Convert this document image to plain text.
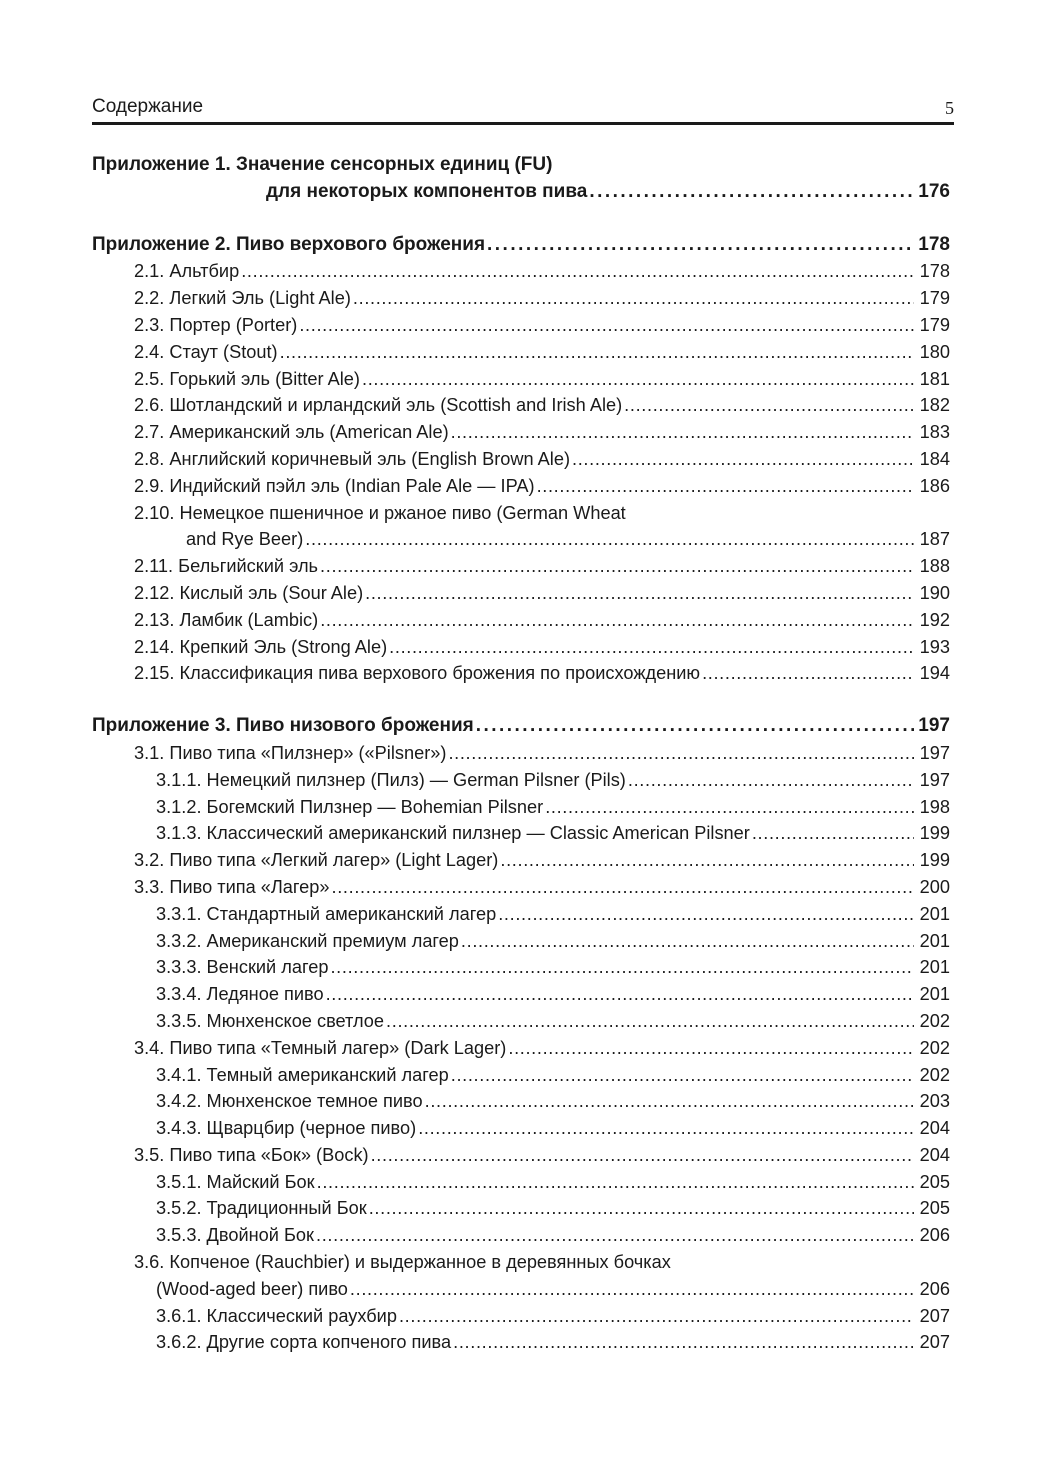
Содержание	5
Приложение 1. Значение сенсорных единиц (FU)
для некоторых компонентов пива . . .	176
Приложение 2. Пиво верхового брожения . . .	178
2.1. Альтбир . . .	178
2.2. Легкий Эль (Light Ale) . . .	179
2.3. Портер (Porter) . . .	179
2.4. Стаут (Stout) . . .	180
2.5. Горький эль (Bitter Ale) . . .	181
2.6. Шотландский и ирландский эль (Scottish and Irish Ale) . . .	182
2.7. Американский эль (American Ale) . . .	183
2.8. Английский коричневый эль (English Brown Ale) . . .	184
2.9. Индийский пэйл эль (Indian Pale Ale — IPA) . . .	186
2.10. Немецкое пшеничное и ржаное пиво (German Wheat
and Rye Beer) . . .	187
2.11. Бельгийский эль . . .	188
2.12. Кислый эль (Sour Ale) . . .	190
2.13. Ламбик (Lambic) . . .	192
2.14. Крепкий Эль (Strong Ale) . . .	193
2.15. Классификация пива верхового брожения по происхождению . . .	194
Приложение 3. Пиво низового брожения . . .	197
3.1. Пиво типа «Пилзнер» («Pilsner») . . .	197
3.1.1. Немецкий пилзнер (Пилз) — German Pilsner (Pils) . . .	197
3.1.2. Богемский Пилзнер — Bohemian Pilsner . . .	198
3.1.3. Классический американский пилзнер — Classic American Pilsner . . .	199
3.2. Пиво типа «Легкий лагер» (Light Lager) . . .	199
3.3. Пиво типа «Лагер» . . .	200
3.3.1. Стандартный американский лагер . . .	201
3.3.2. Американский премиум лагер . . .	201
3.3.3. Венский лагер . . .	201
3.3.4. Ледяное пиво . . .	201
3.3.5. Мюнхенское светлое . . .	202
3.4. Пиво типа «Темный лагер» (Dark Lager) . . .	202
3.4.1. Темный американский лагер . . .	202
3.4.2. Мюнхенское темное пиво . . .	203
3.4.3. Щварцбир (черное пиво) . . .	204
3.5. Пиво типа «Бок» (Bock) . . .	204
3.5.1. Майский Бок . . .	205
3.5.2. Традиционный Бок . . .	205
3.5.3. Двойной Бок . . .	206
3.6. Копченое (Rauchbier) и выдержанное в деревянных бочках
(Wood-aged beer) пиво . . .	206
3.6.1. Классический раухбир . . .	207
3.6.2. Другие сорта копченого пива . . .	207
